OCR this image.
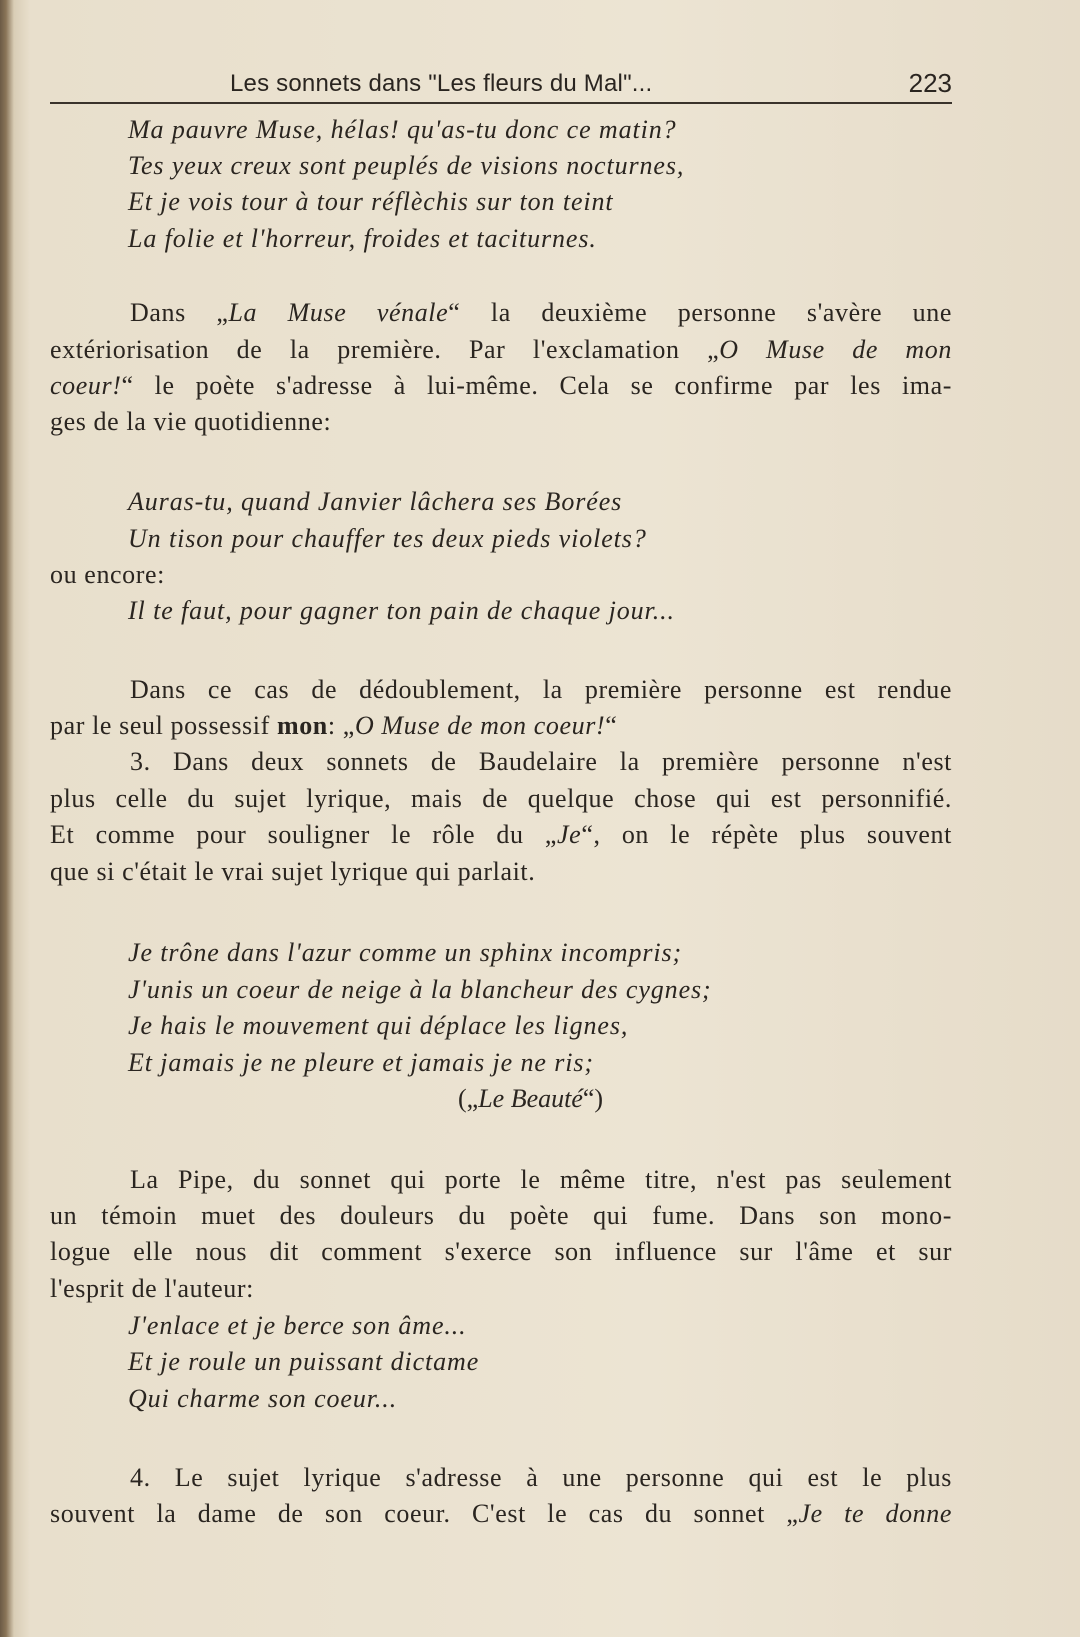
Les sonnets dans "Les fleurs du Mal"...	223
Ma pauvre Muse, hélas! qu'as-tu donc ce matin?
Tes yeux creux sont peuplés de visions nocturnes,
Et je vois tour à tour réflèchis sur ton teint
La folie et l'horreur, froides et taciturnes.
Dans „La Muse vénale“ la deuxième personne s'avère une
extériorisation de la première. Par l'exclamation „O Muse de mon
coeur!“ le poète s'adresse à lui-même. Cela se confirme par les ima-
ges de la vie quotidienne:
Auras-tu, quand Janvier lâchera ses Borées
Un tison pour chauffer tes deux pieds violets?
ou encore:
Il te faut, pour gagner ton pain de chaque jour...
Dans ce cas de dédoublement, la première personne est rendue
par le seul possessif mon: „O Muse de mon coeur!“
3. Dans deux sonnets de Baudelaire la première personne n'est
plus celle du sujet lyrique, mais de quelque chose qui est personnifié.
Et comme pour souligner le rôle du „Je“, on le répète plus souvent
que si c'était le vrai sujet lyrique qui parlait.
Je trône dans l'azur comme un sphinx incompris;
J'unis un coeur de neige à la blancheur des cygnes;
Je hais le mouvement qui déplace les lignes,
Et jamais je ne pleure et jamais je ne ris;
(„Le Beauté“)
La Pipe, du sonnet qui porte le même titre, n'est pas seulement
un témoin muet des douleurs du poète qui fume. Dans son mono-
logue elle nous dit comment s'exerce son influence sur l'âme et sur
l'esprit de l'auteur:
J'enlace et je berce son âme...
Et je roule un puissant dictame
Qui charme son coeur...
4. Le sujet lyrique s'adresse à une personne qui est le plus
souvent la dame de son coeur. C'est le cas du sonnet „Je te donne
